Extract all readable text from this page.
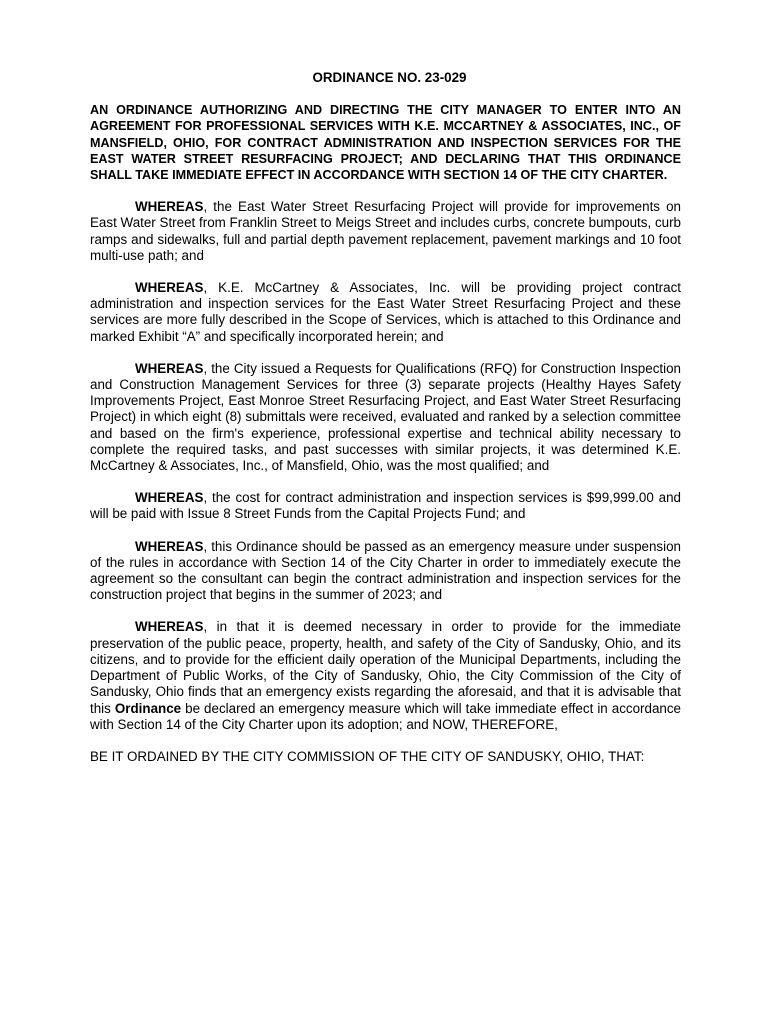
ORDINANCE NO. 23-029
AN ORDINANCE AUTHORIZING AND DIRECTING THE CITY MANAGER TO ENTER INTO AN AGREEMENT FOR PROFESSIONAL SERVICES WITH K.E. MCCARTNEY & ASSOCIATES, INC., OF MANSFIELD, OHIO, FOR CONTRACT ADMINISTRATION AND INSPECTION SERVICES FOR THE EAST WATER STREET RESURFACING PROJECT; AND DECLARING THAT THIS ORDINANCE SHALL TAKE IMMEDIATE EFFECT IN ACCORDANCE WITH SECTION 14 OF THE CITY CHARTER.

WHEREAS, the East Water Street Resurfacing Project will provide for improvements on East Water Street from Franklin Street to Meigs Street and includes curbs, concrete bumpouts, curb ramps and sidewalks, full and partial depth pavement replacement, pavement markings and 10 foot multi-use path; and

WHEREAS, K.E. McCartney & Associates, Inc. will be providing project contract administration and inspection services for the East Water Street Resurfacing Project and these services are more fully described in the Scope of Services, which is attached to this Ordinance and marked Exhibit “A” and specifically incorporated herein; and

WHEREAS, the City issued a Requests for Qualifications (RFQ) for Construction Inspection and Construction Management Services for three (3) separate projects (Healthy Hayes Safety Improvements Project, East Monroe Street Resurfacing Project, and East Water Street Resurfacing Project) in which eight (8) submittals were received, evaluated and ranked by a selection committee and based on the firm's experience, professional expertise and technical ability necessary to complete the required tasks, and past successes with similar projects, it was determined K.E. McCartney & Associates, Inc., of Mansfield, Ohio, was the most qualified; and

WHEREAS, the cost for contract administration and inspection services is $99,999.00 and will be paid with Issue 8 Street Funds from the Capital Projects Fund; and

WHEREAS, this Ordinance should be passed as an emergency measure under suspension of the rules in accordance with Section 14 of the City Charter in order to immediately execute the agreement so the consultant can begin the contract administration and inspection services for the construction project that begins in the summer of 2023; and

WHEREAS, in that it is deemed necessary in order to provide for the immediate preservation of the public peace, property, health, and safety of the City of Sandusky, Ohio, and its citizens, and to provide for the efficient daily operation of the Municipal Departments, including the Department of Public Works, of the City of Sandusky, Ohio, the City Commission of the City of Sandusky, Ohio finds that an emergency exists regarding the aforesaid, and that it is advisable that this Ordinance be declared an emergency measure which will take immediate effect in accordance with Section 14 of the City Charter upon its adoption; and NOW, THEREFORE,

BE IT ORDAINED BY THE CITY COMMISSION OF THE CITY OF SANDUSKY, OHIO, THAT:
